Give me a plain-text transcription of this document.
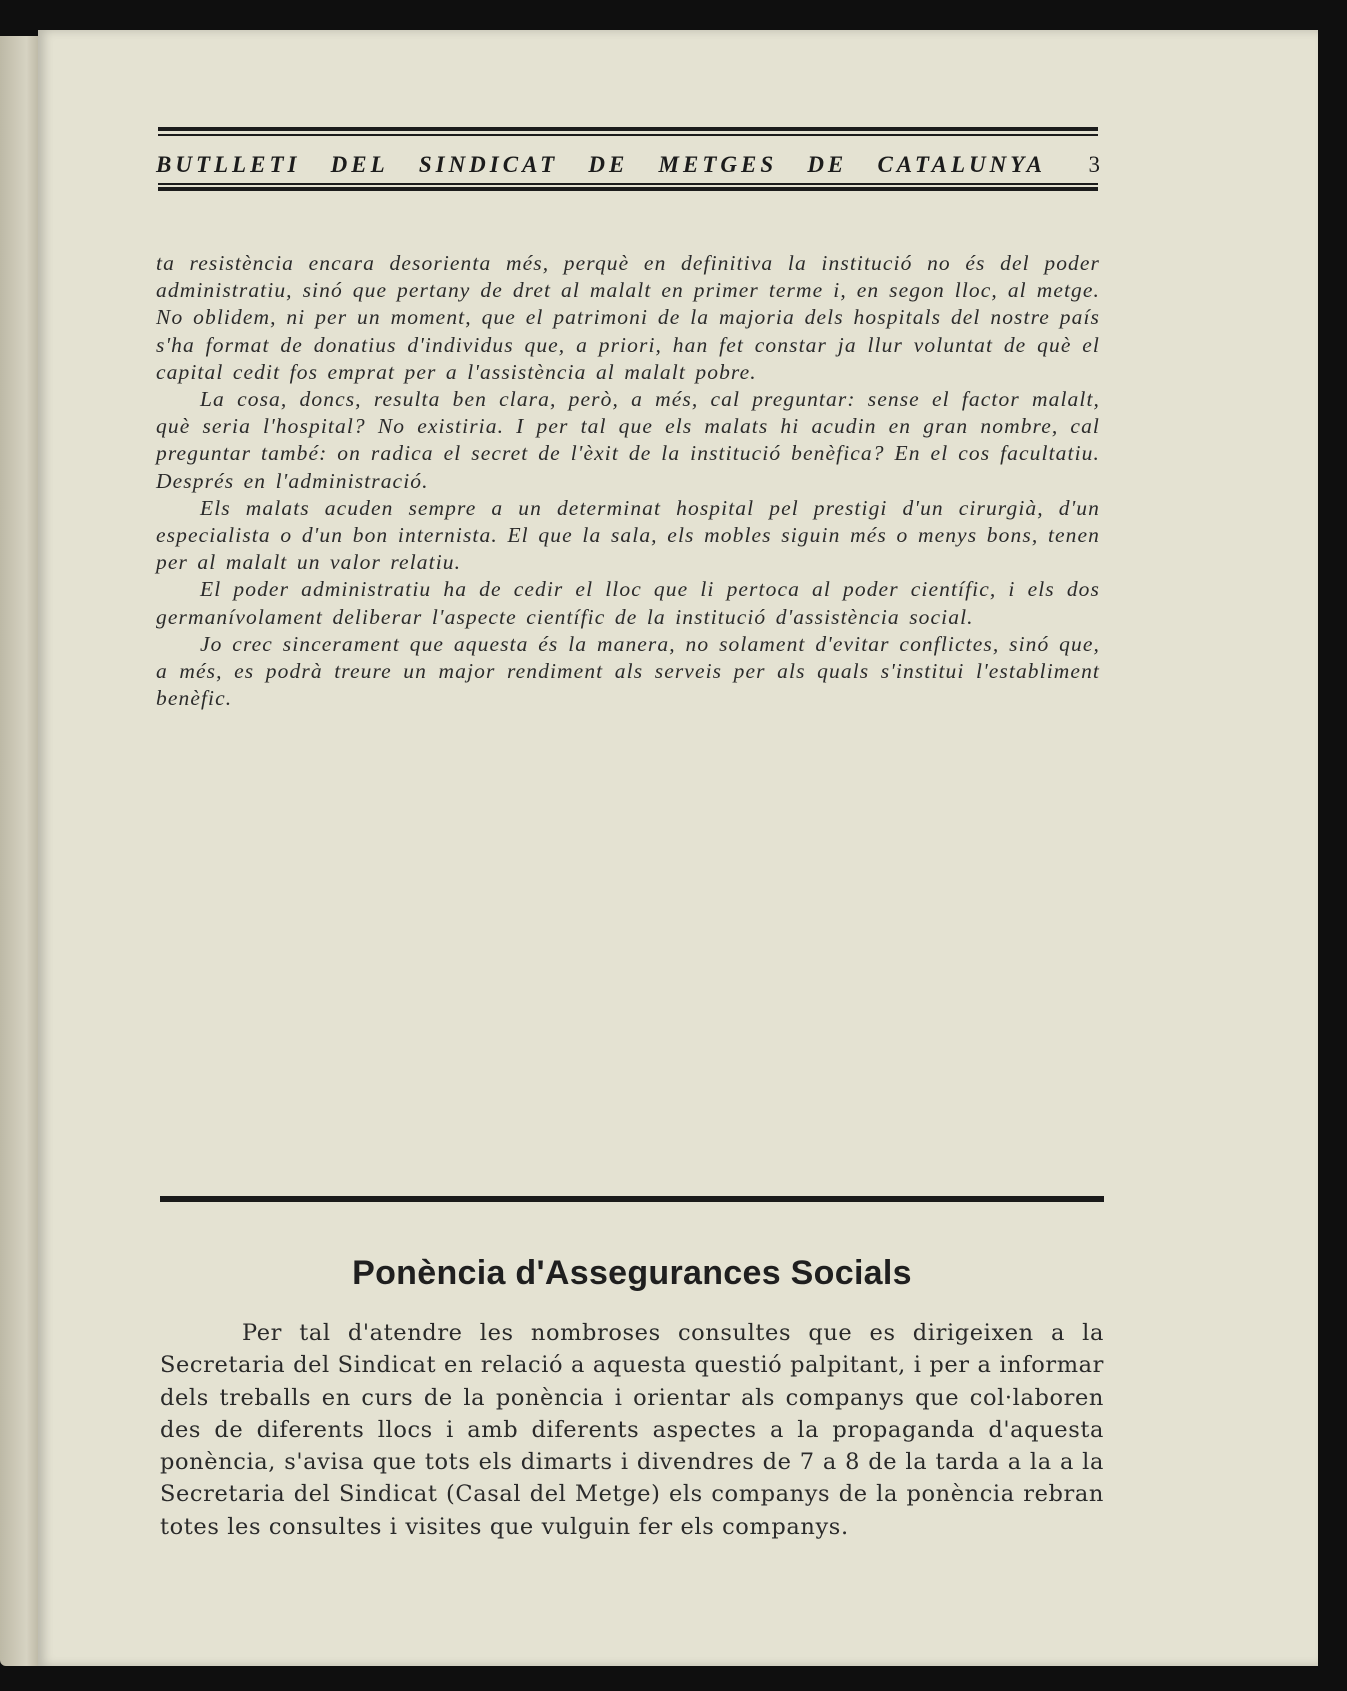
BUTLLETI DEL SINDICAT DE METGES DE CATALUNYA 3

ta resistència encara desorienta més, perquè en definitiva la institució no és del poder administratiu, sinó que pertany de dret al malalt en primer terme i, en segon lloc, al metge. No oblidem, ni per un moment, que el patrimoni de la majoria dels hospitals del nostre país s'ha format de donatius d'individus que, a priori, han fet constar ja llur voluntat de què el capital cedit fos emprat per a l'assistència al malalt pobre.

La cosa, doncs, resulta ben clara, però, a més, cal preguntar: sense el factor malalt, què seria l'hospital? No existiria. I per tal que els malats hi acudin en gran nombre, cal preguntar també: on radica el secret de l'èxit de la institució benèfica? En el cos facultatiu. Després en l'administració.

Els malats acuden sempre a un determinat hospital pel prestigi d'un cirurgià, d'un especialista o d'un bon internista. El que la sala, els mobles siguin més o menys bons, tenen per al malalt un valor relatiu.

El poder administratiu ha de cedir el lloc que li pertoca al poder científic, i els dos germanívolament deliberar l'aspecte científic de la institució d'assistència social.

Jo crec sincerament que aquesta és la manera, no solament d'evitar conflictes, sinó que, a més, es podrà treure un major rendiment als serveis per als quals s'institui l'establiment benèfic.

Ponència d'Assegurances Socials

Per tal d'atendre les nombroses consultes que es dirigeixen a la Secretaria del Sindicat en relació a aquesta questió palpitant, i per a informar dels treballs en curs de la ponència i orientar als companys que col·laboren des de diferents llocs i amb diferents aspectes a la propaganda d'aquesta ponència, s'avisa que tots els dimarts i divendres de 7 a 8 de la tarda a la a la Secretaria del Sindicat (Casal del Metge) els companys de la ponència rebran totes les consultes i visites que vulguin fer els companys.
